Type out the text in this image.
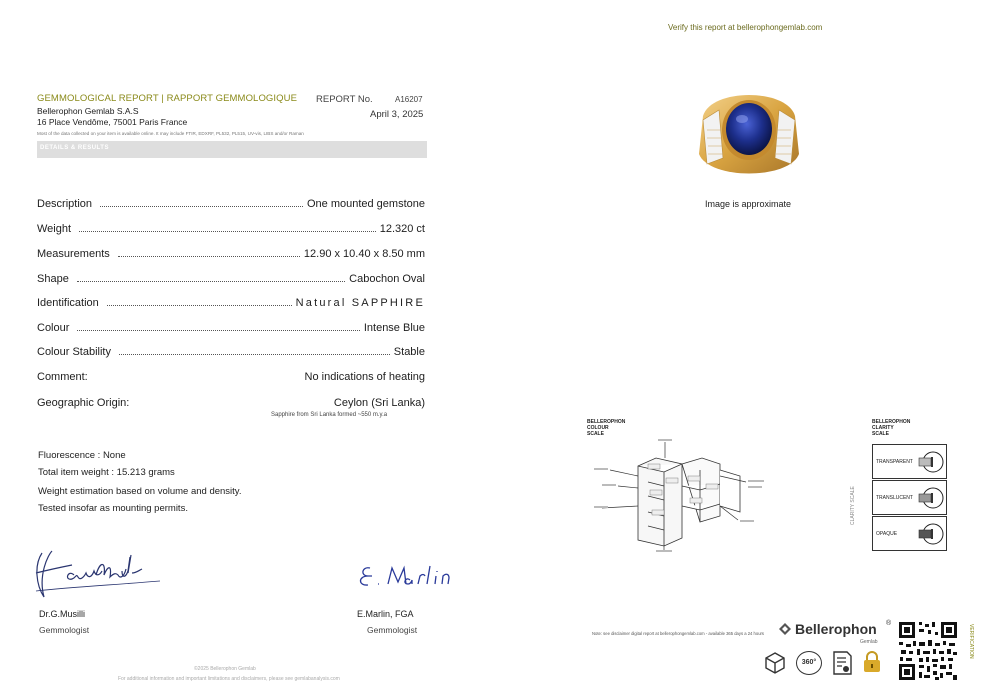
Verify this report at bellerophongemlab.com
GEMMOLOGICAL REPORT | RAPPORT GEMMOLOGIQUE
Bellerophon Gemlab S.A.S
16 Place Vendôme, 75001 Paris France
REPORT No.	A16207
April 3, 2025
Most of the data collected on your item is available online. It may include FTIR, EDXRF, PL532, PL515, UV-vis, LIBS and/or Raman
DETAILS & RESULTS
Description	One mounted gemstone
Weight	12.320 ct
Measurements	12.90 x 10.40 x 8.50 mm
Shape	Cabochon Oval
Identification	Natural SAPPHIRE
Colour	Intense Blue
Colour Stability	Stable
Comment:	No indications of heating
Geographic Origin:	Ceylon (Sri Lanka)
Sapphire from Sri Lanka formed ~550 m.y.a
Fluorescence : None
Total item weight : 15.213 grams
Weight estimation based on volume and density.
Tested insofar as mounting permits.
Dr.G.Musilli
Gemmologist
E.Marlin, FGA
Gemmologist
©2025 Bellerophon Gemlab
For additional information and important limitations and disclaimers, please see gemlabanalysis.com
Image is approximate
BELLEROPHON
COLOUR
SCALE
BELLEROPHON
CLARITY
SCALE
CLARITY SCALE
TRANSPARENT
TRANSLUCENT
OPAQUE
Note: see disclaimer digital report at bellerophongemlab.com - available 365 days a 24 hours Bellerophon ®
Gemlab
360°
VERIFICATION
